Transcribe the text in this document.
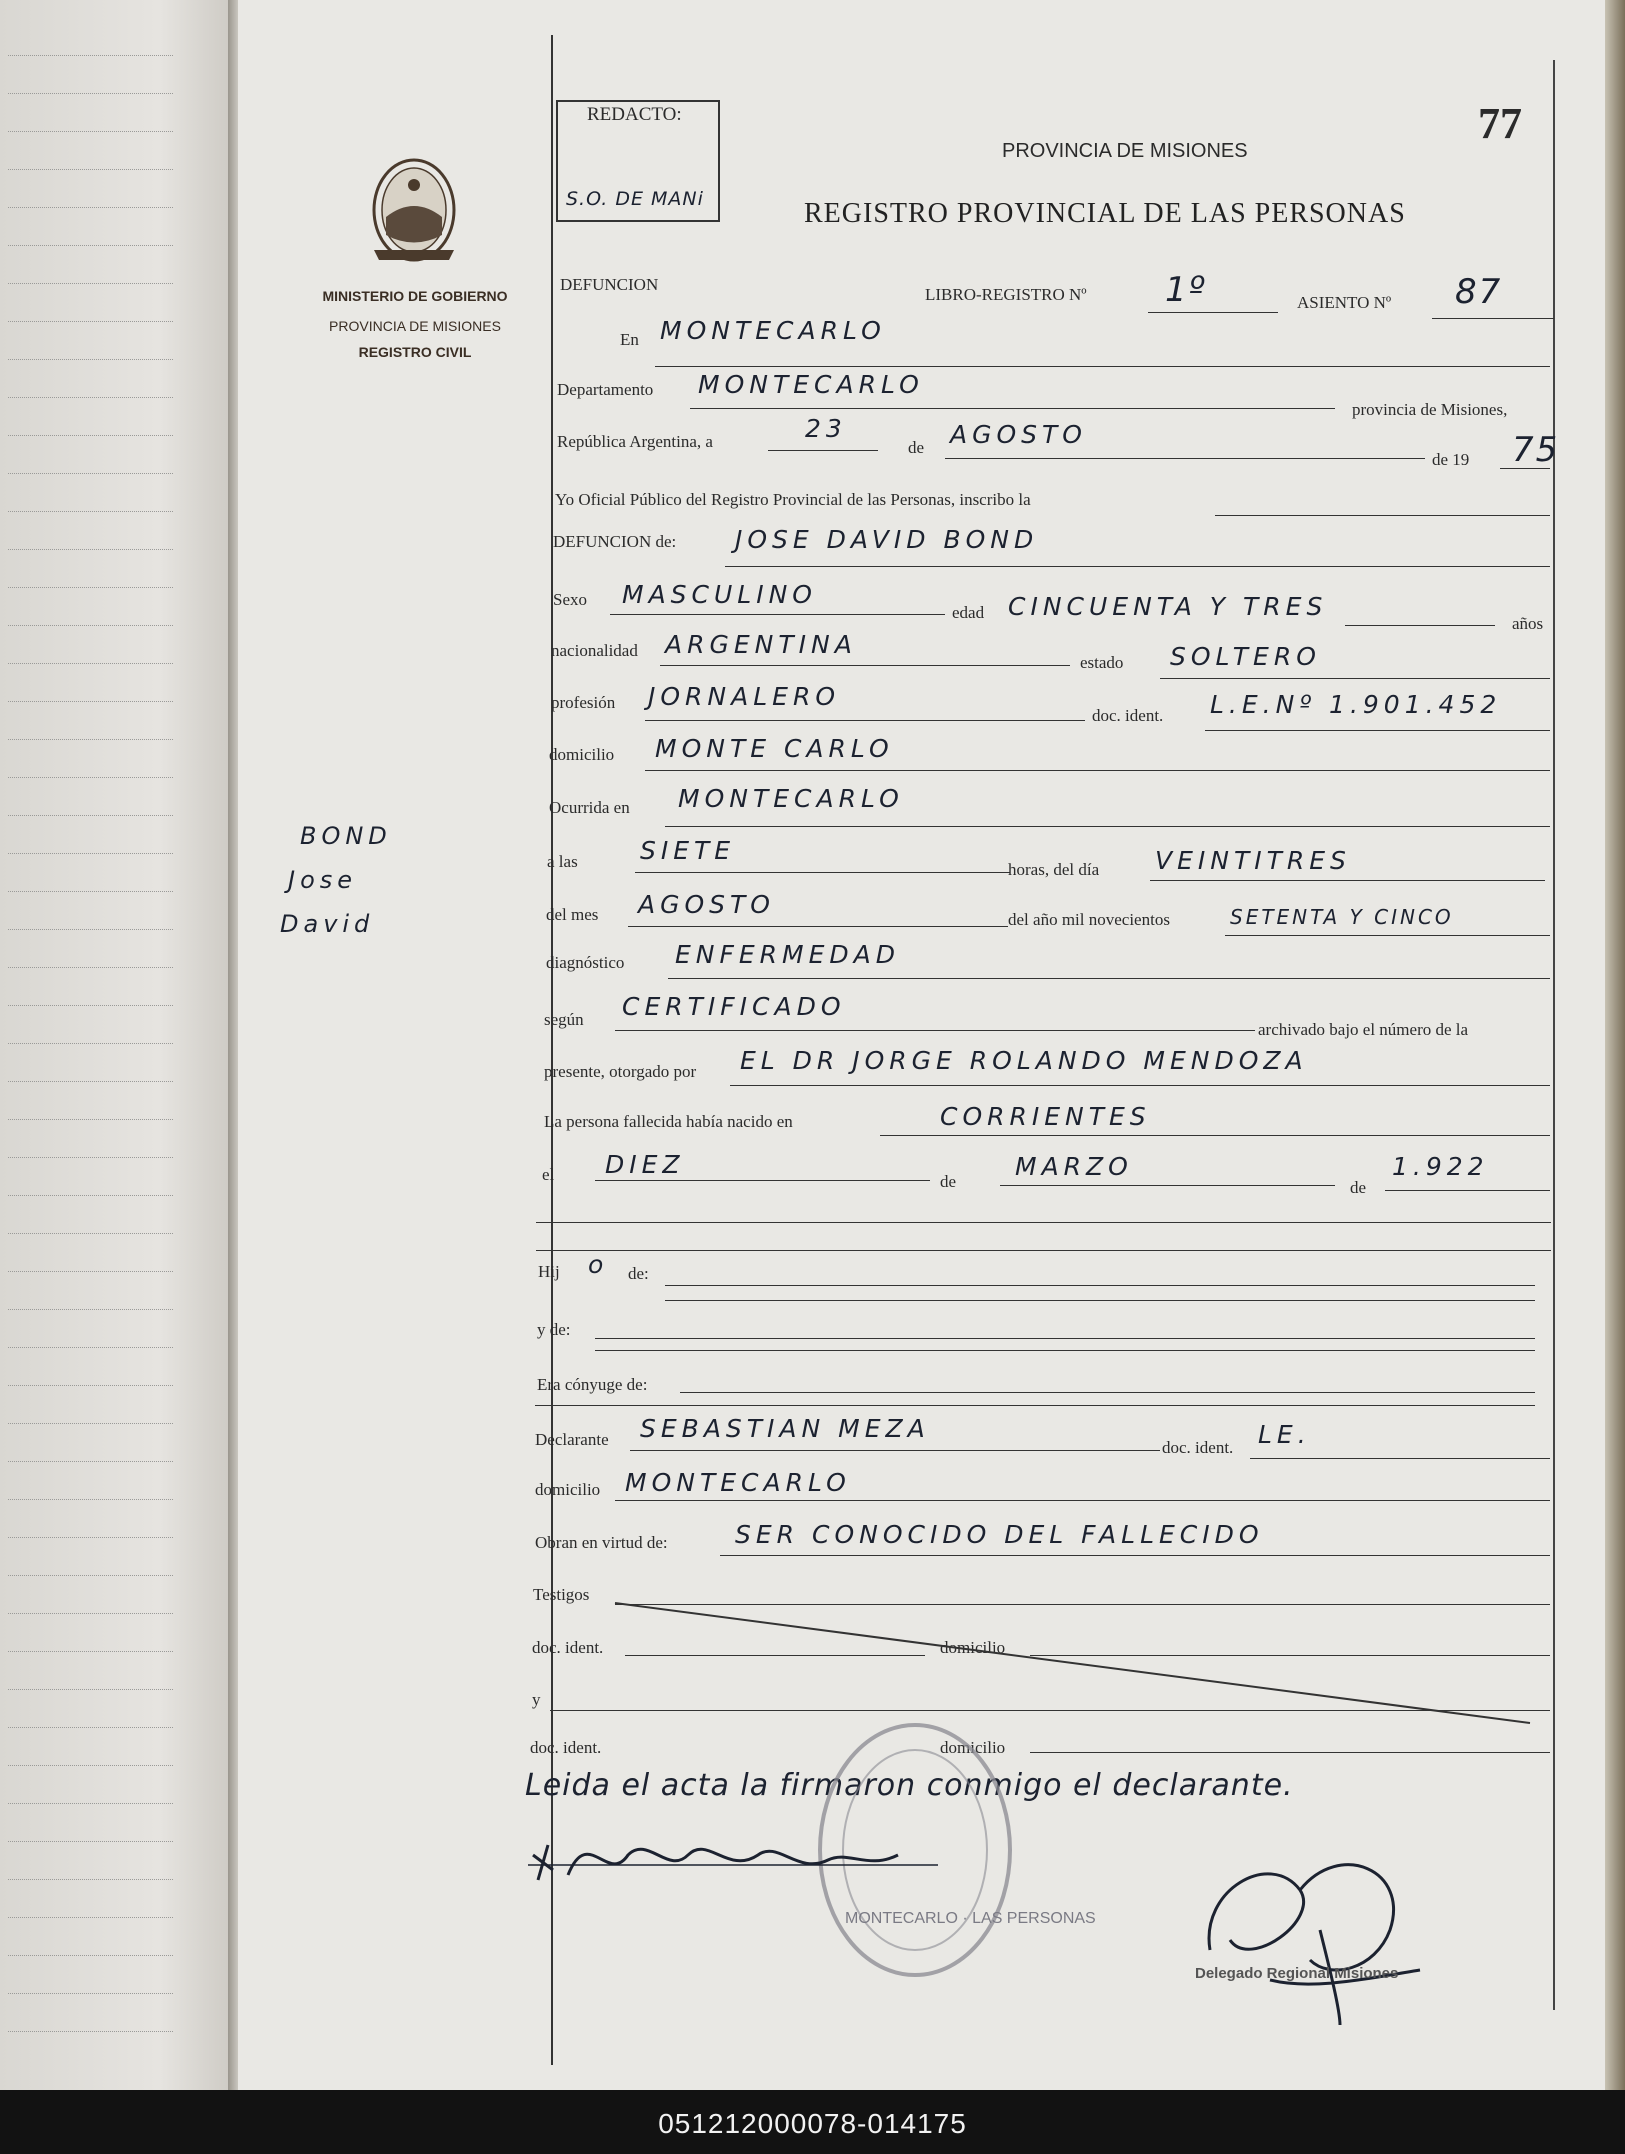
MINISTERIO DE GOBIERNO
PROVINCIA DE MISIONES
REGISTRO CIVIL
BOND
Jose
David
REDACTO:
S.O. DE MANi
77
PROVINCIA DE MISIONES
REGISTRO PROVINCIAL DE LAS PERSONAS
DEFUNCION
LIBRO-REGISTRO Nº 1º	ASIENTO Nº 87
En MONTECARLO
Departamento MONTECARLO
provincia de Misiones,
República Argentina, a	23
de AGOSTO
de 19 75
Yo Oficial Público del Registro Provincial de las Personas, inscribo la
DEFUNCION de: JOSE DAVID BOND
Sexo MASCULINO
edad CINCUENTA Y TRES
años
nacionalidad ARGENTINA
estado SOLTERO
profesión JORNALERO
doc. ident. L.E.Nº 1.901.452
domicilio MONTE CARLO
Ocurrida en MONTECARLO
a las SIETE
horas, del día VEINTITRES
del mes AGOSTO
del año mil novecientos	SETENTA Y CINCO
diagnóstico ENFERMEDAD
según CERTIFICADO
archivado bajo el número de la
presente, otorgado por EL DR JORGE ROLANDO MENDOZA
La persona fallecida había nacido en	CORRIENTES
el DIEZ
de
MARZO
de
1.922
Hij o de:
y de:
Era cónyuge de:
Declarante SEBASTIAN MEZA
doc. ident. LE.
domicilio MONTECARLO
Obran en virtud de:	SER CONOCIDO DEL FALLECIDO
Testigos
doc. ident.	domicilio
y
doc. ident.	domicilio
Leida el acta la firmaron conmigo el declarante.
MONTECARLO · LAS PERSONAS
Delegado Regional Misiones
051212000078-014175
